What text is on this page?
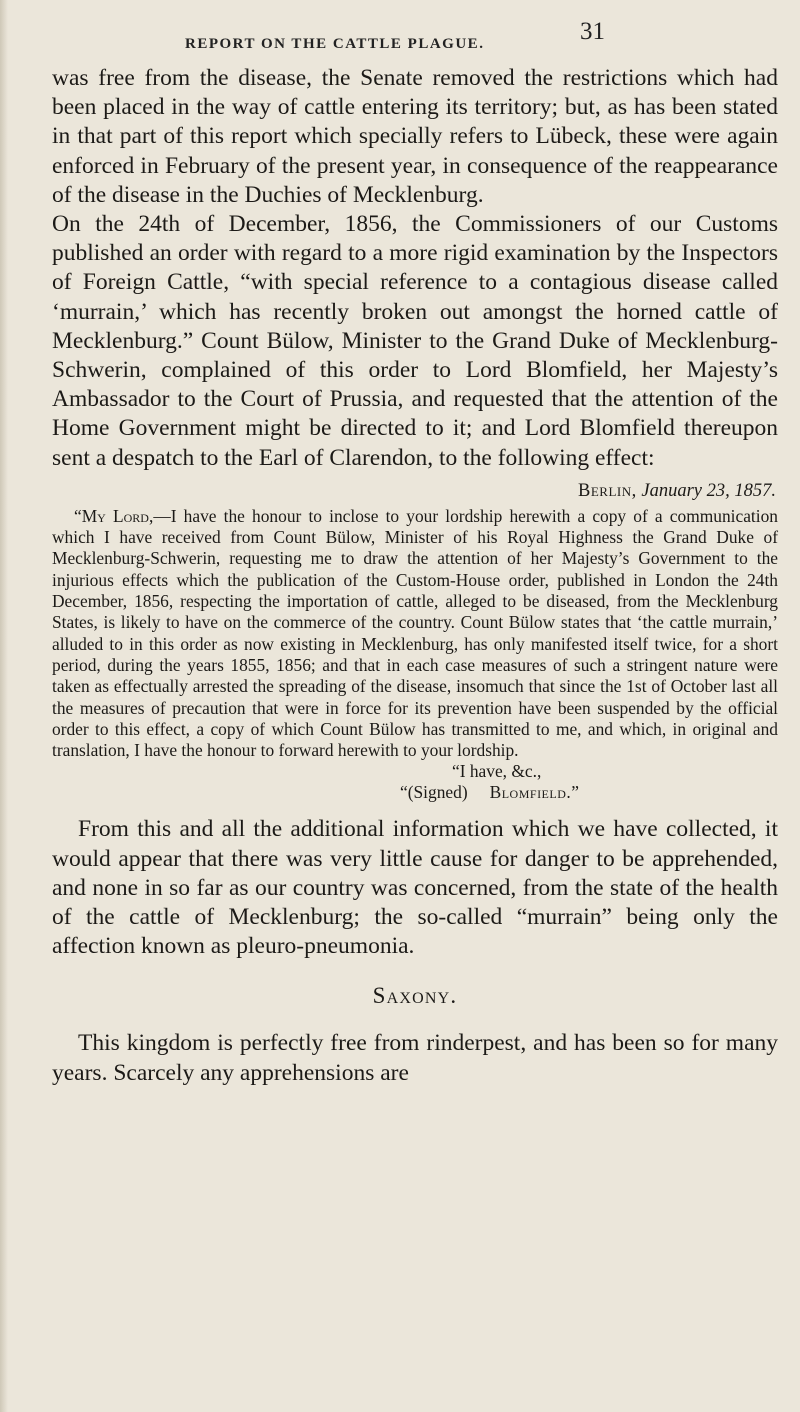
REPORT ON THE CATTLE PLAGUE.	31

was free from the disease, the Senate removed the restrictions which had been placed in the way of cattle entering its territory; but, as has been stated in that part of this report which specially refers to Lübeck, these were again enforced in February of the present year, in consequence of the reappearance of the disease in the Duchies of Mecklenburg.

On the 24th of December, 1856, the Commissioners of our Customs published an order with regard to a more rigid examination by the Inspectors of Foreign Cattle, “with special reference to a contagious disease called ‘murrain,’ which has recently broken out amongst the horned cattle of Mecklenburg.” Count Bülow, Minister to the Grand Duke of Mecklenburg-Schwerin, complained of this order to Lord Blomfield, her Majesty’s Ambassador to the Court of Prussia, and requested that the attention of the Home Government might be directed to it; and Lord Blomfield thereupon sent a despatch to the Earl of Clarendon, to the following effect:

Berlin, January 23, 1857.

“My Lord,—I have the honour to inclose to your lordship herewith a copy of a communication which I have received from Count Bülow, Minister of his Royal Highness the Grand Duke of Mecklenburg-Schwerin, requesting me to draw the attention of her Majesty’s Government to the injurious effects which the publication of the Custom-House order, published in London the 24th December, 1856, respecting the importation of cattle, alleged to be diseased, from the Mecklenburg States, is likely to have on the commerce of the country. Count Bülow states that ‘the cattle murrain,’ alluded to in this order as now existing in Mecklenburg, has only manifested itself twice, for a short period, during the years 1855, 1856; and that in each case measures of such a stringent nature were taken as effectually arrested the spreading of the disease, insomuch that since the 1st of October last all the measures of precaution that were in force for its prevention have been suspended by the official order to this effect, a copy of which Count Bülow has transmitted to me, and which, in original and translation, I have the honour to forward herewith to your lordship.

“I have, &c.,

“(Signed) Blomfield.”

From this and all the additional information which we have collected, it would appear that there was very little cause for danger to be apprehended, and none in so far as our country was concerned, from the state of the health of the cattle of Mecklenburg; the so-called “murrain” being only the affection known as pleuro-pneumonia.

Saxony.

This kingdom is perfectly free from rinderpest, and has been so for many years. Scarcely any apprehensions are
